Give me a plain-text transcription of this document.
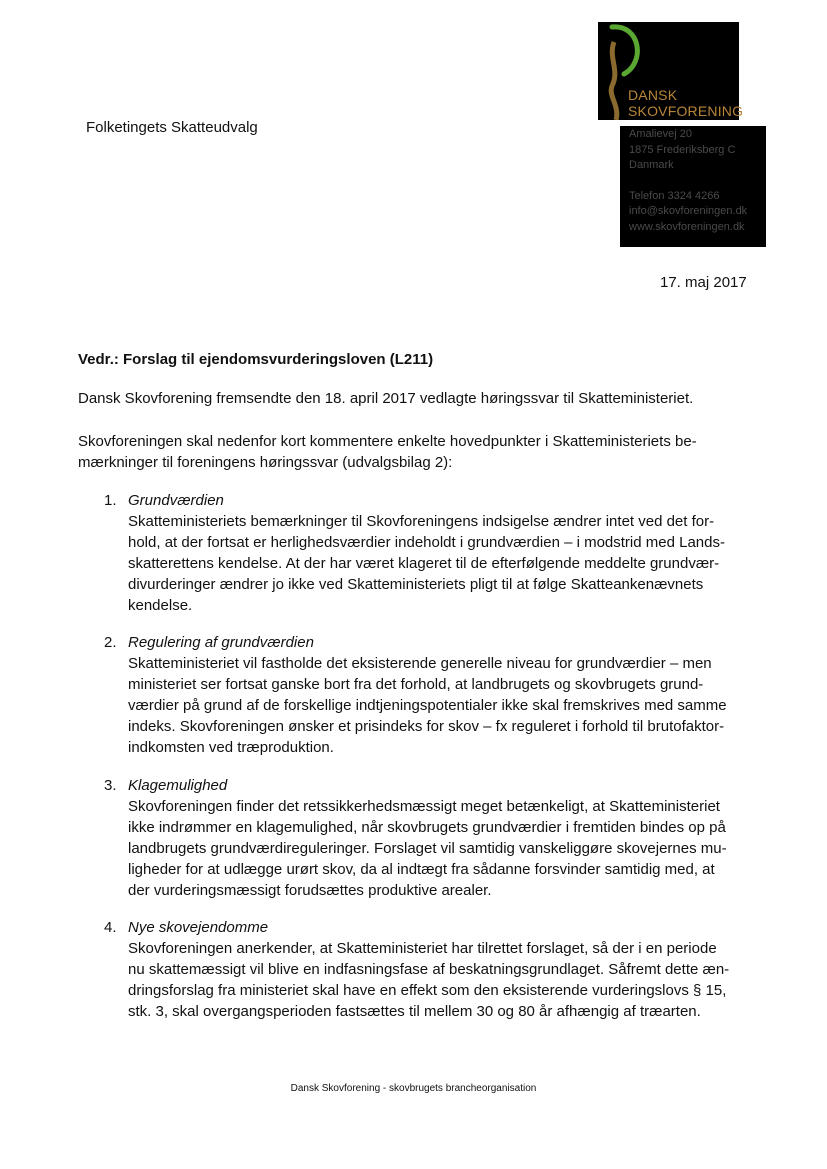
Folketingets Skatteudvalg
DANSK
SKOVFORENING
Amalievej 20
1875 Frederiksberg C
Danmark
Telefon 3324 4266
info@skovforeningen.dk
www.skovforeningen.dk
17. maj 2017
Vedr.: Forslag til ejendomsvurderingsloven (L211)
Dansk Skovforening fremsendte den 18. april 2017 vedlagte høringssvar til Skatteministeriet.
Skovforeningen skal nedenfor kort kommentere enkelte hovedpunkter i Skatteministeriets be-
mærkninger til foreningens høringssvar (udvalgsbilag 2):
1. Grundværdien
Skatteministeriets bemærkninger til Skovforeningens indsigelse ændrer intet ved det for-
hold, at der fortsat er herlighedsværdier indeholdt i grundværdien – i modstrid med Lands-
skatterettens kendelse. At der har været klageret til de efterfølgende meddelte grundvær-
divurderinger ændrer jo ikke ved Skatteministeriets pligt til at følge Skatteankenævnets
kendelse.
2. Regulering af grundværdien
Skatteministeriet vil fastholde det eksisterende generelle niveau for grundværdier – men
ministeriet ser fortsat ganske bort fra det forhold, at landbrugets og skovbrugets grund-
værdier på grund af de forskellige indtjeningspotentialer ikke skal fremskrives med samme
indeks. Skovforeningen ønsker et prisindeks for skov – fx reguleret i forhold til brutofaktor-
indkomsten ved træproduktion.
3. Klagemulighed
Skovforeningen finder det retssikkerhedsmæssigt meget betænkeligt, at Skatteministeriet
ikke indrømmer en klagemulighed, når skovbrugets grundværdier i fremtiden bindes op på
landbrugets grundværdireguleringer. Forslaget vil samtidig vanskeliggøre skovejernes mu-
ligheder for at udlægge urørt skov, da al indtægt fra sådanne forsvinder samtidig med, at
der vurderingsmæssigt forudsættes produktive arealer.
4. Nye skovejendomme
Skovforeningen anerkender, at Skatteministeriet har tilrettet forslaget, så der i en periode
nu skattemæssigt vil blive en indfasningsfase af beskatningsgrundlaget. Såfremt dette æn-
dringsforslag fra ministeriet skal have en effekt som den eksisterende vurderingslovs § 15,
stk. 3, skal overgangsperioden fastsættes til mellem 30 og 80 år afhængig af træarten.
Dansk Skovforening - skovbrugets brancheorganisation
